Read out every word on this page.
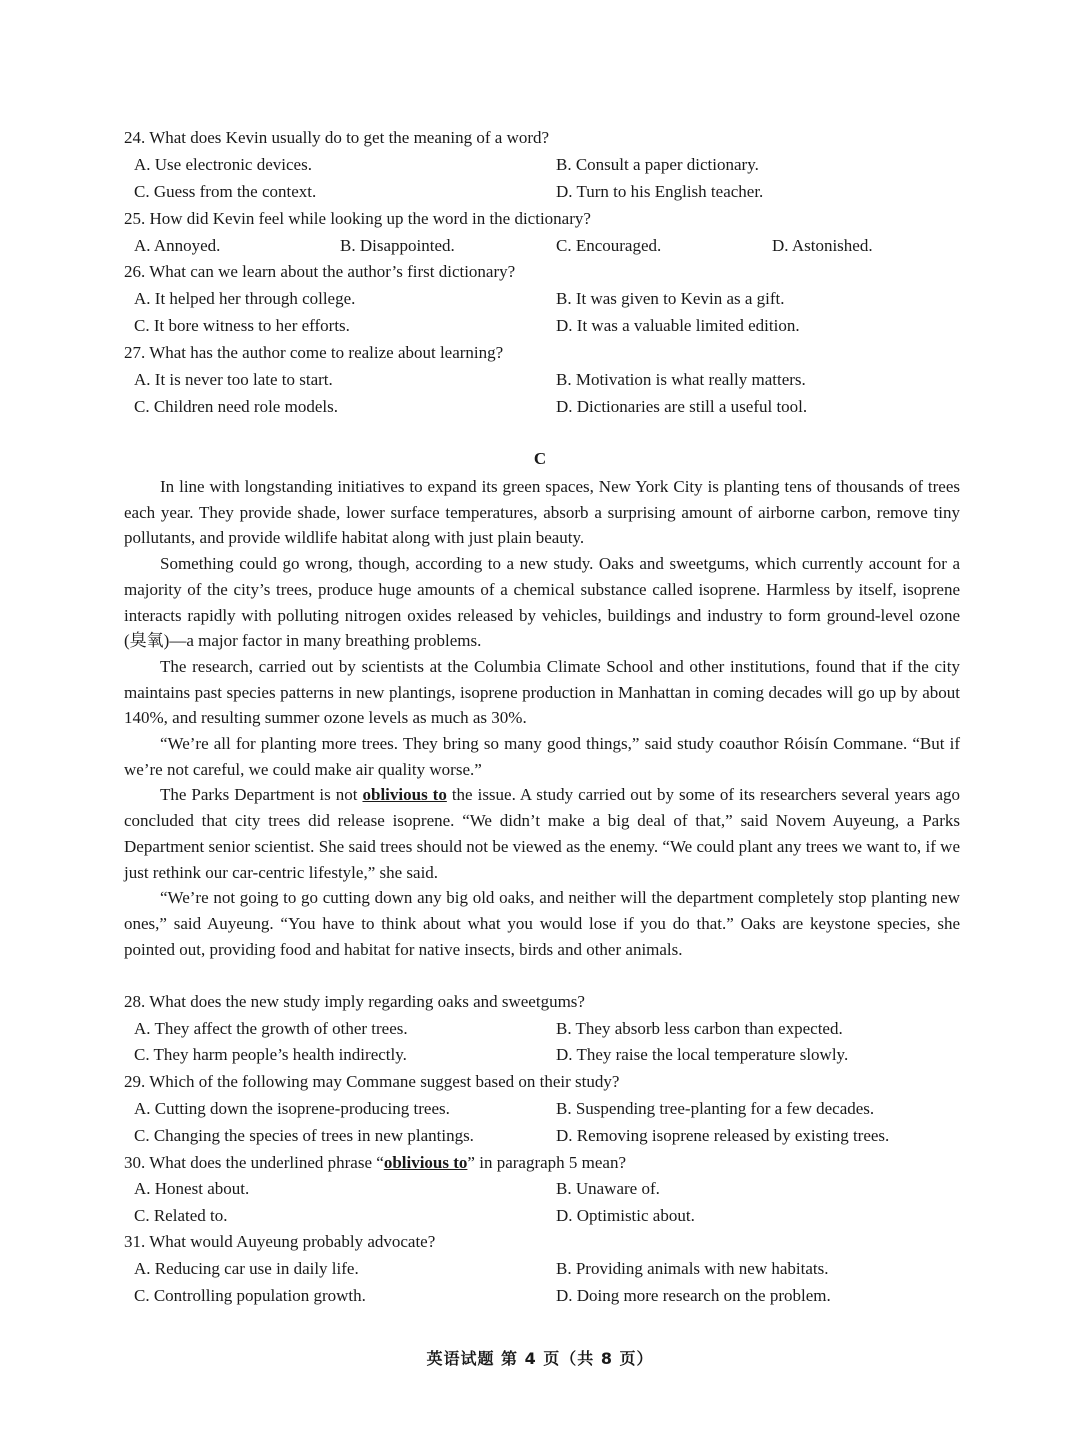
24. What does Kevin usually do to get the meaning of a word?
A. Use electronic devices.	B. Consult a paper dictionary.
C. Guess from the context.	D. Turn to his English teacher.
25. How did Kevin feel while looking up the word in the dictionary?
A. Annoyed.	B. Disappointed.	C. Encouraged.	D. Astonished.
26. What can we learn about the author’s first dictionary?
A. It helped her through college.	B. It was given to Kevin as a gift.
C. It bore witness to her efforts.	D. It was a valuable limited edition.
27. What has the author come to realize about learning?
A. It is never too late to start.	B. Motivation is what really matters.
C. Children need role models.	D. Dictionaries are still a useful tool.
C

In line with longstanding initiatives to expand its green spaces, New York City is planting tens of thousands of trees each year. They provide shade, lower surface temperatures, absorb a surprising amount of airborne carbon, remove tiny pollutants, and provide wildlife habitat along with just plain beauty.

Something could go wrong, though, according to a new study. Oaks and sweetgums, which currently account for a majority of the city’s trees, produce huge amounts of a chemical substance called isoprene. Harmless by itself, isoprene interacts rapidly with polluting nitrogen oxides released by vehicles, buildings and industry to form ground-level ozone (臭氧)—a major factor in many breathing problems.

The research, carried out by scientists at the Columbia Climate School and other institutions, found that if the city maintains past species patterns in new plantings, isoprene production in Manhattan in coming decades will go up by about 140%, and resulting summer ozone levels as much as 30%.

“We’re all for planting more trees. They bring so many good things,” said study coauthor Róisín Commane. “But if we’re not careful, we could make air quality worse.”

The Parks Department is not oblivious to the issue. A study carried out by some of its researchers several years ago concluded that city trees did release isoprene. “We didn’t make a big deal of that,” said Novem Auyeung, a Parks Department senior scientist. She said trees should not be viewed as the enemy. “We could plant any trees we want to, if we just rethink our car-centric lifestyle,” she said.

“We’re not going to go cutting down any big old oaks, and neither will the department completely stop planting new ones,” said Auyeung. “You have to think about what you would lose if you do that.” Oaks are keystone species, she pointed out, providing food and habitat for native insects, birds and other animals.

28. What does the new study imply regarding oaks and sweetgums?
A. They affect the growth of other trees.	B. They absorb less carbon than expected.
C. They harm people’s health indirectly.	D. They raise the local temperature slowly.
29. Which of the following may Commane suggest based on their study?
A. Cutting down the isoprene-producing trees.	B. Suspending tree-planting for a few decades.
C. Changing the species of trees in new plantings.	D. Removing isoprene released by existing trees.
30. What does the underlined phrase “oblivious to” in paragraph 5 mean?
A. Honest about.	B. Unaware of.
C. Related to.	D. Optimistic about.
31. What would Auyeung probably advocate?
A. Reducing car use in daily life.	B. Providing animals with new habitats.
C. Controlling population growth.	D. Doing more research on the problem.
英语试题 第 4 页（共 8 页）
